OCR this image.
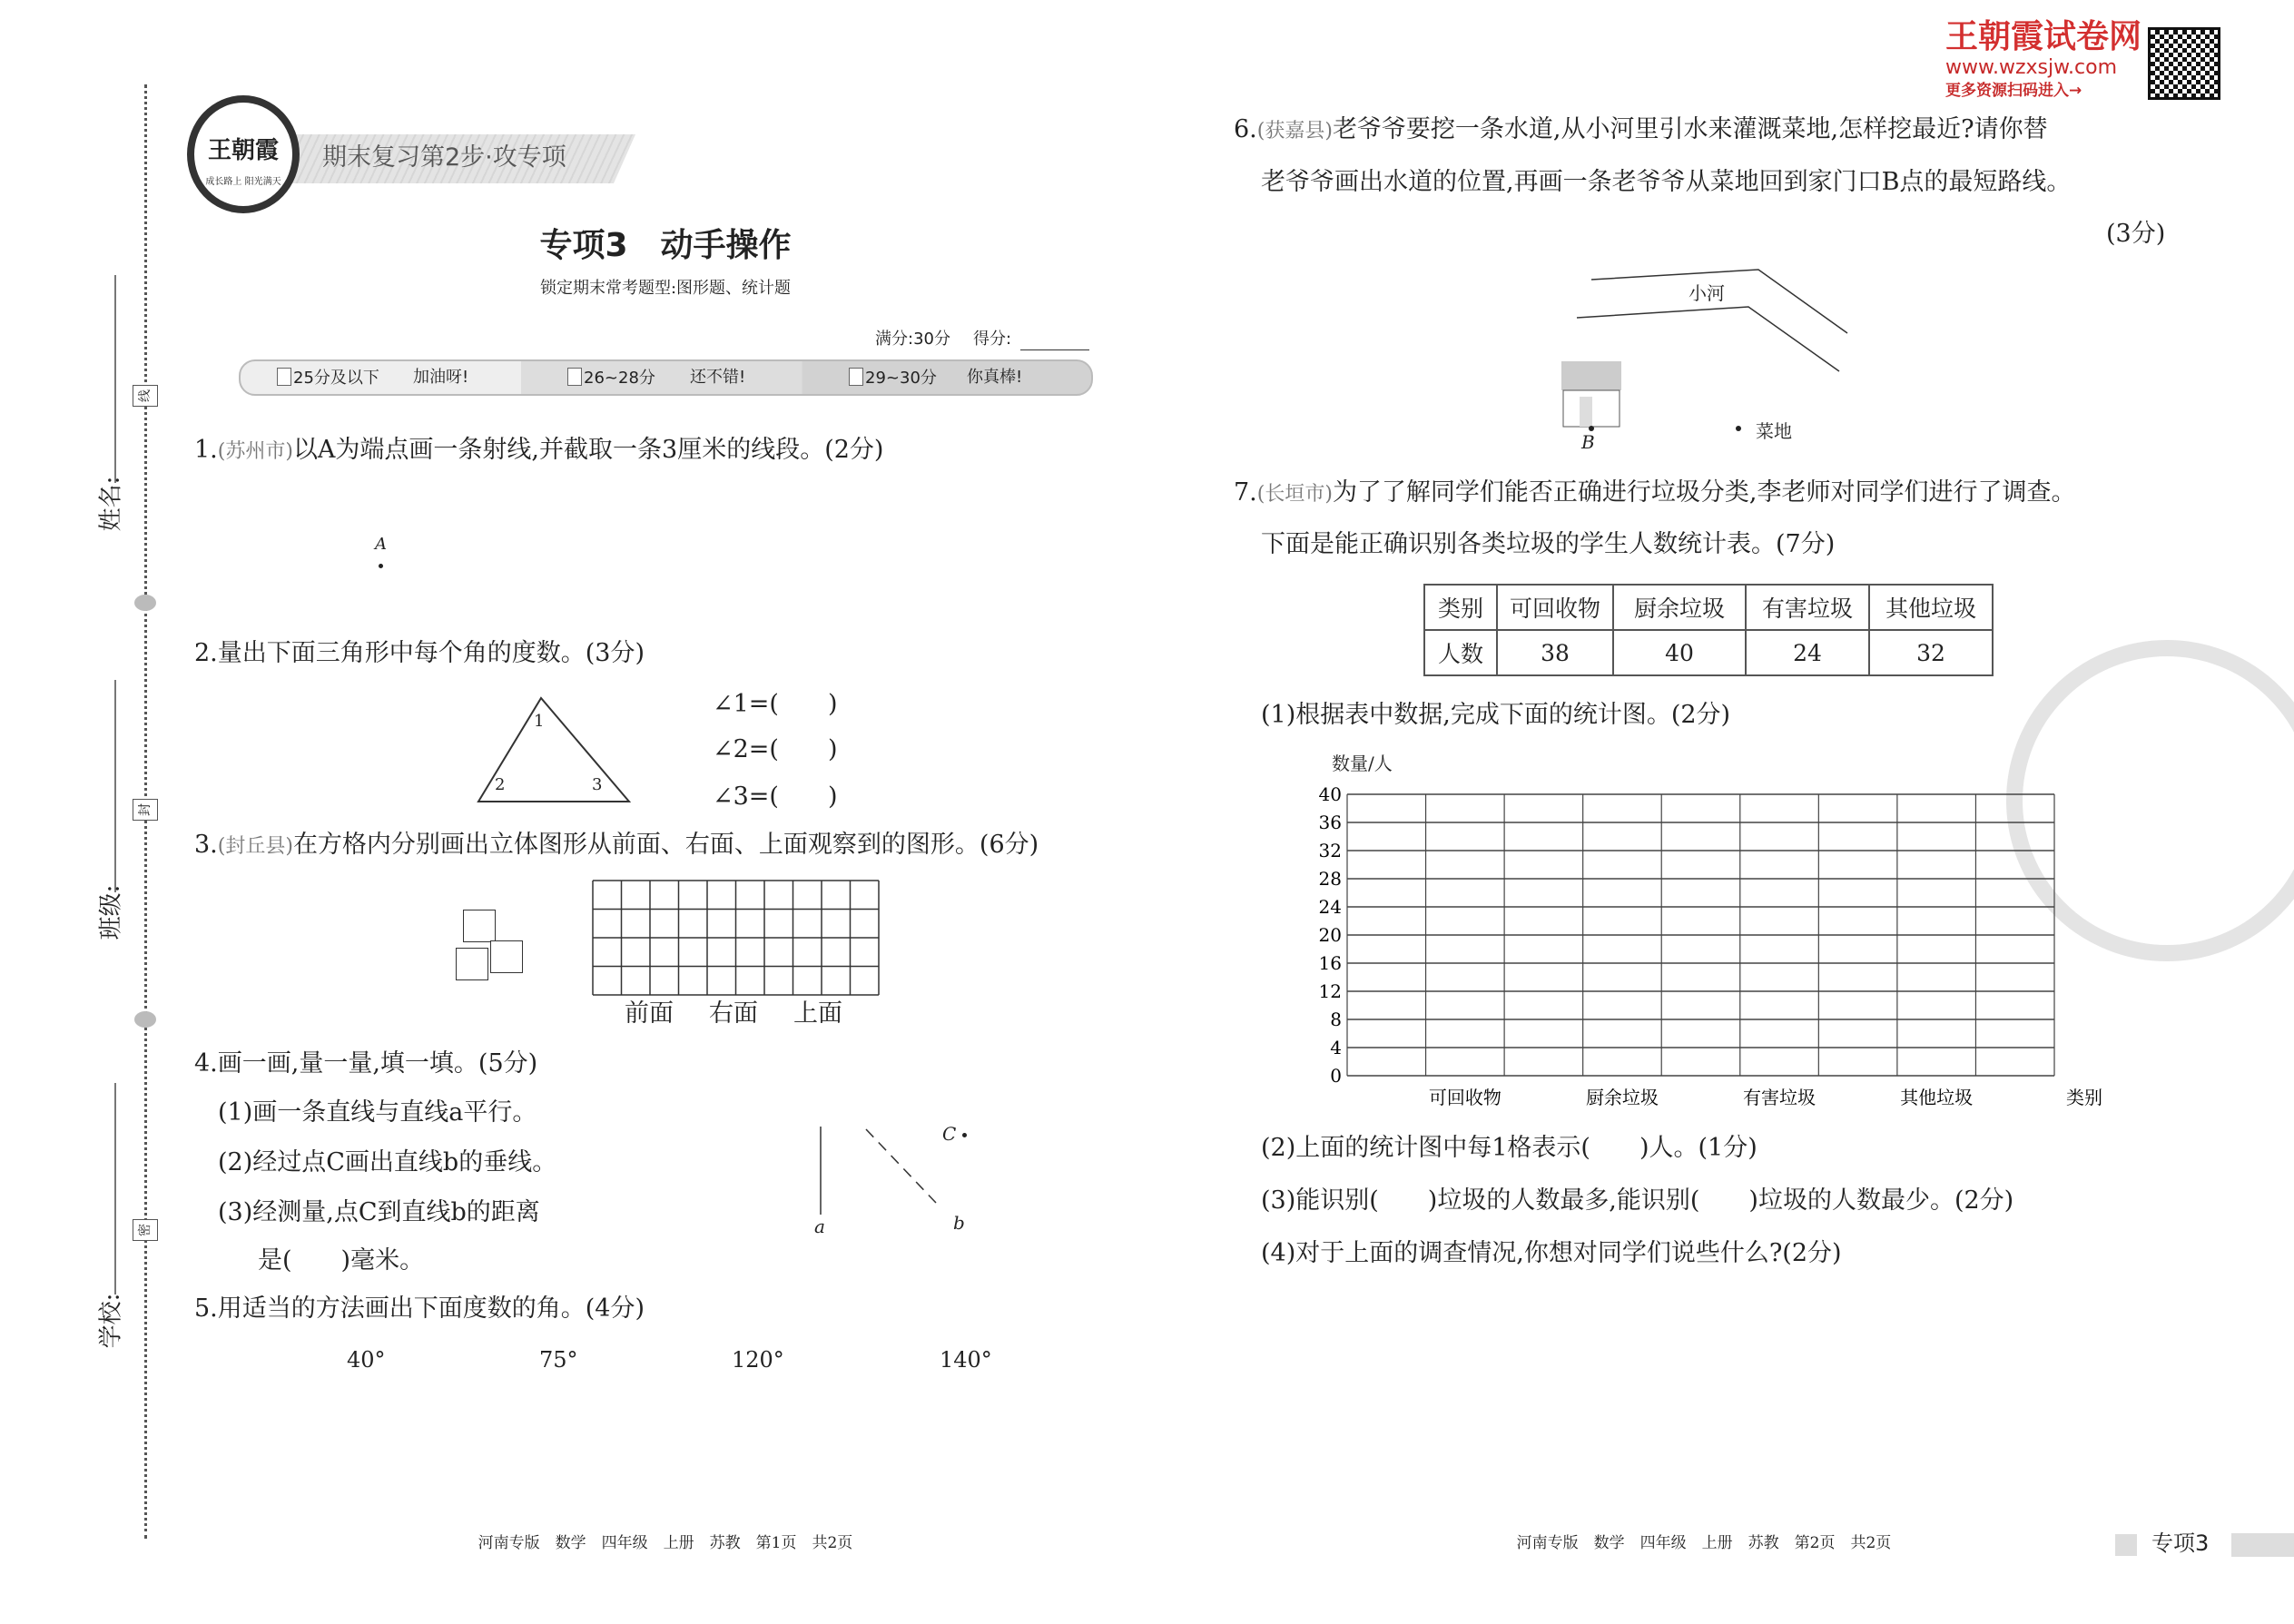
姓名:
班级:
学校:
线
封
密
期末复习第2步·攻专项
王朝霞
成长路上 阳光满天
专项3　动手操作
锁定期末常考题型:图形题、统计题
满分:30分 得分:
25分及以下 加油呀!	26~28分 还不错!	29~30分 你真棒!
1.(苏州市)以A为端点画一条射线,并截取一条3厘米的线段。(2分)
A
2.量出下面三角形中每个角的度数。(3分)
1
2	3
∠1=(　　)
∠2=(　　)
∠3=(　　)
3.(封丘县)在方格内分别画出立体图形从前面、右面、上面观察到的图形。(6分)
前面 右面 上面
4.画一画,量一量,填一填。(5分)
(1)画一条直线与直线a平行。
(2)经过点C画出直线b的垂线。
(3)经测量,点C到直线b的距离
是(　　)毫米。
a	b
C
5.用适当的方法画出下面度数的角。(4分)
40°	75°	120°	140°
河南专版　数学　四年级　上册　苏教　第1页　共2页
王朝霞试卷网
www.wzxsjw.com
更多资源扫码进入→
6.(获嘉县)老爷爷要挖一条水道,从小河里引水来灌溉菜地,怎样挖最近?请你替
老爷爷画出水道的位置,再画一条老爷爷从菜地回到家门口B点的最短路线。
(3分)
小河
B	菜地
7.(长垣市)为了了解同学们能否正确进行垃圾分类,李老师对同学们进行了调查。
下面是能正确识别各类垃圾的学生人数统计表。(7分)
类别	可回收物	厨余垃圾	有害垃圾	其他垃圾
人数	38	40	24	32
(1)根据表中数据,完成下面的统计图。(2分)
数量/人
0
4
8
12
16
20
24
28
32
36
40
可回收物	厨余垃圾	有害垃圾	其他垃圾	类别
(2)上面的统计图中每1格表示(　　)人。(1分)
(3)能识别(　　)垃圾的人数最多,能识别(　　)垃圾的人数最少。(2分)
(4)对于上面的调查情况,你想对同学们说些什么?(2分)
河南专版　数学　四年级　上册　苏教　第2页　共2页	专项3
